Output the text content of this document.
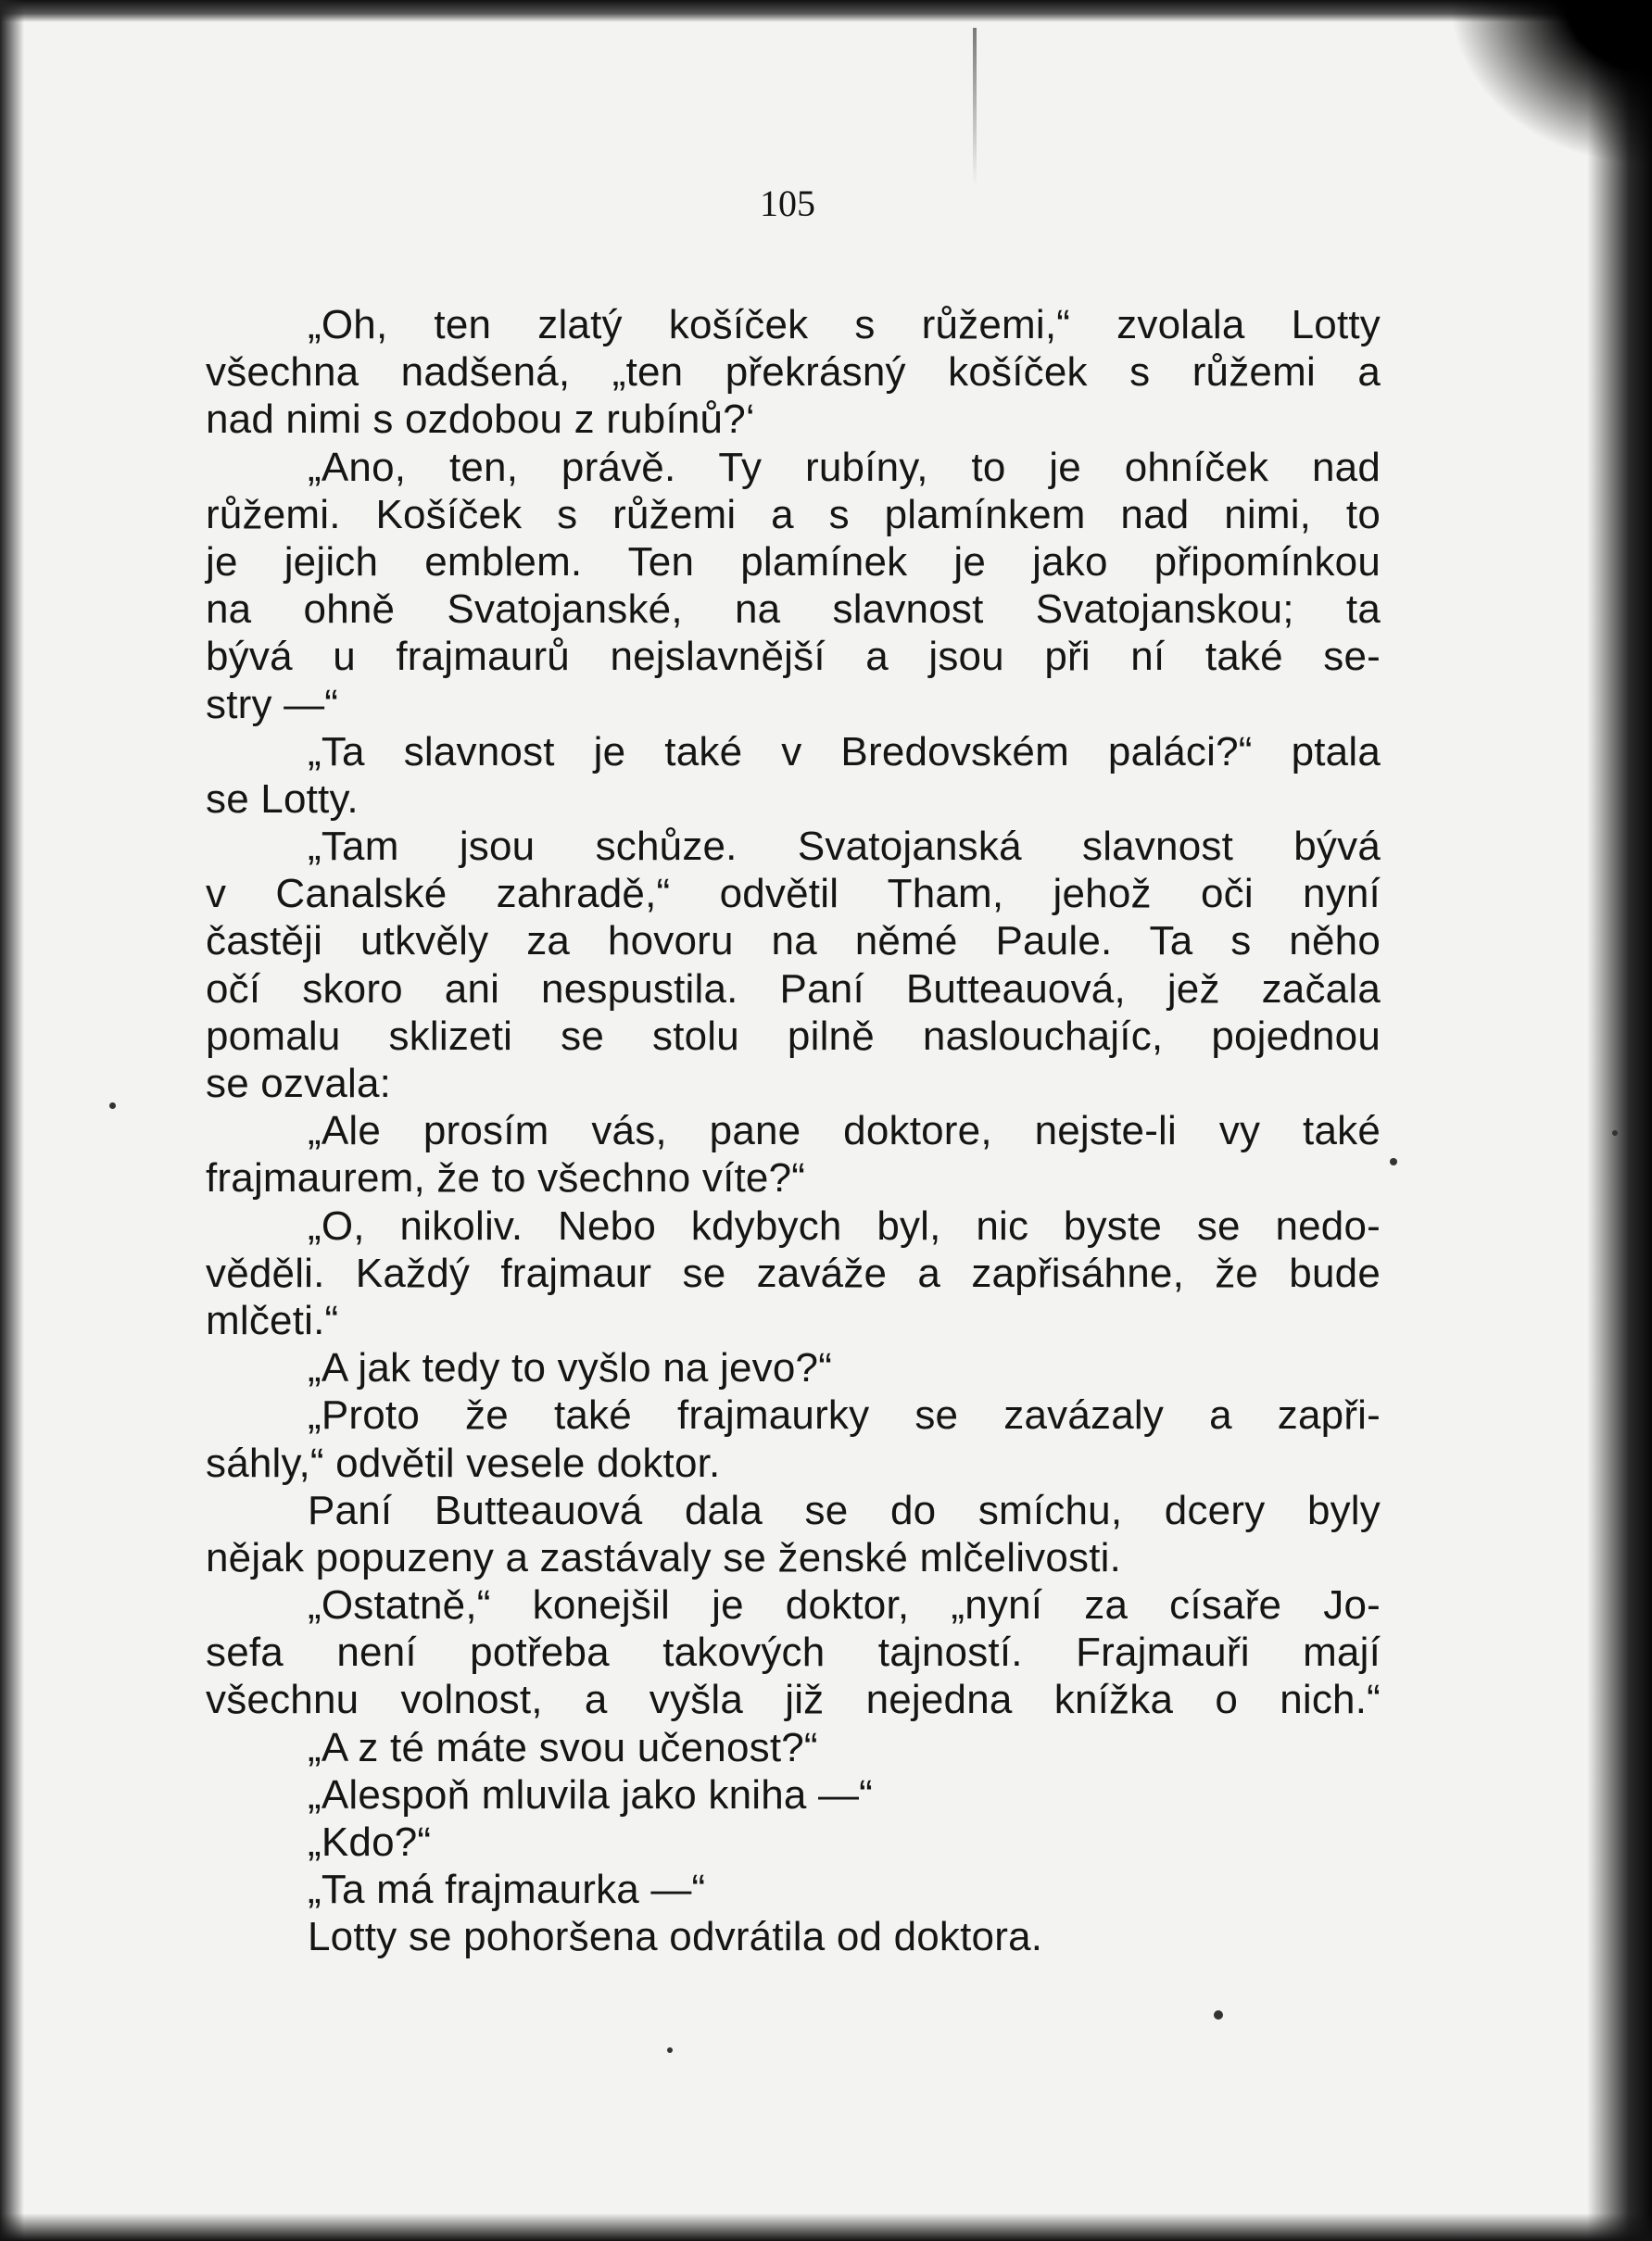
105
„Oh, ten zlatý košíček s růžemi,“ zvolala Lotty
všechna nadšená, „ten překrásný košíček s růžemi a
nad nimi s ozdobou z rubínů?‘
„Ano, ten, právě. Ty rubíny, to je ohníček nad
růžemi. Košíček s růžemi a s plamínkem nad nimi, to
je jejich emblem. Ten plamínek je jako připomínkou
na ohně Svatojanské, na slavnost Svatojanskou; ta
bývá u frajmaurů nejslavnější a jsou při ní také se-
stry —“
„Ta slavnost je také v Bredovském paláci?“ ptala
se Lotty.
„Tam jsou schůze. Svatojanská slavnost bývá
v Canalské zahradě,“ odvětil Tham, jehož oči nyní
častěji utkvěly za hovoru na němé Paule. Ta s něho
očí skoro ani nespustila. Paní Butteauová, jež začala
pomalu sklizeti se stolu pilně naslouchajíc, pojednou
se ozvala:
„Ale prosím vás, pane doktore, nejste-li vy také
frajmaurem, že to všechno víte?“
„O, nikoliv. Nebo kdybych byl, nic byste se nedo-
věděli. Každý frajmaur se zaváže a zapřisáhne, že bude
mlčeti.“
„A jak tedy to vyšlo na jevo?“
„Proto že také frajmaurky se zavázaly a zapři-
sáhly,“ odvětil vesele doktor.
Paní Butteauová dala se do smíchu, dcery byly
nějak popuzeny a zastávaly se ženské mlčelivosti.
„Ostatně,“ konejšil je doktor, „nyní za císaře Jo-
sefa není potřeba takových tajností. Frajmauři mají
všechnu volnost, a vyšla již nejedna knížka o nich.“
„A z té máte svou učenost?“
„Alespoň mluvila jako kniha —“
„Kdo?“
„Ta má frajmaurka —“
Lotty se pohoršena odvrátila od doktora.
